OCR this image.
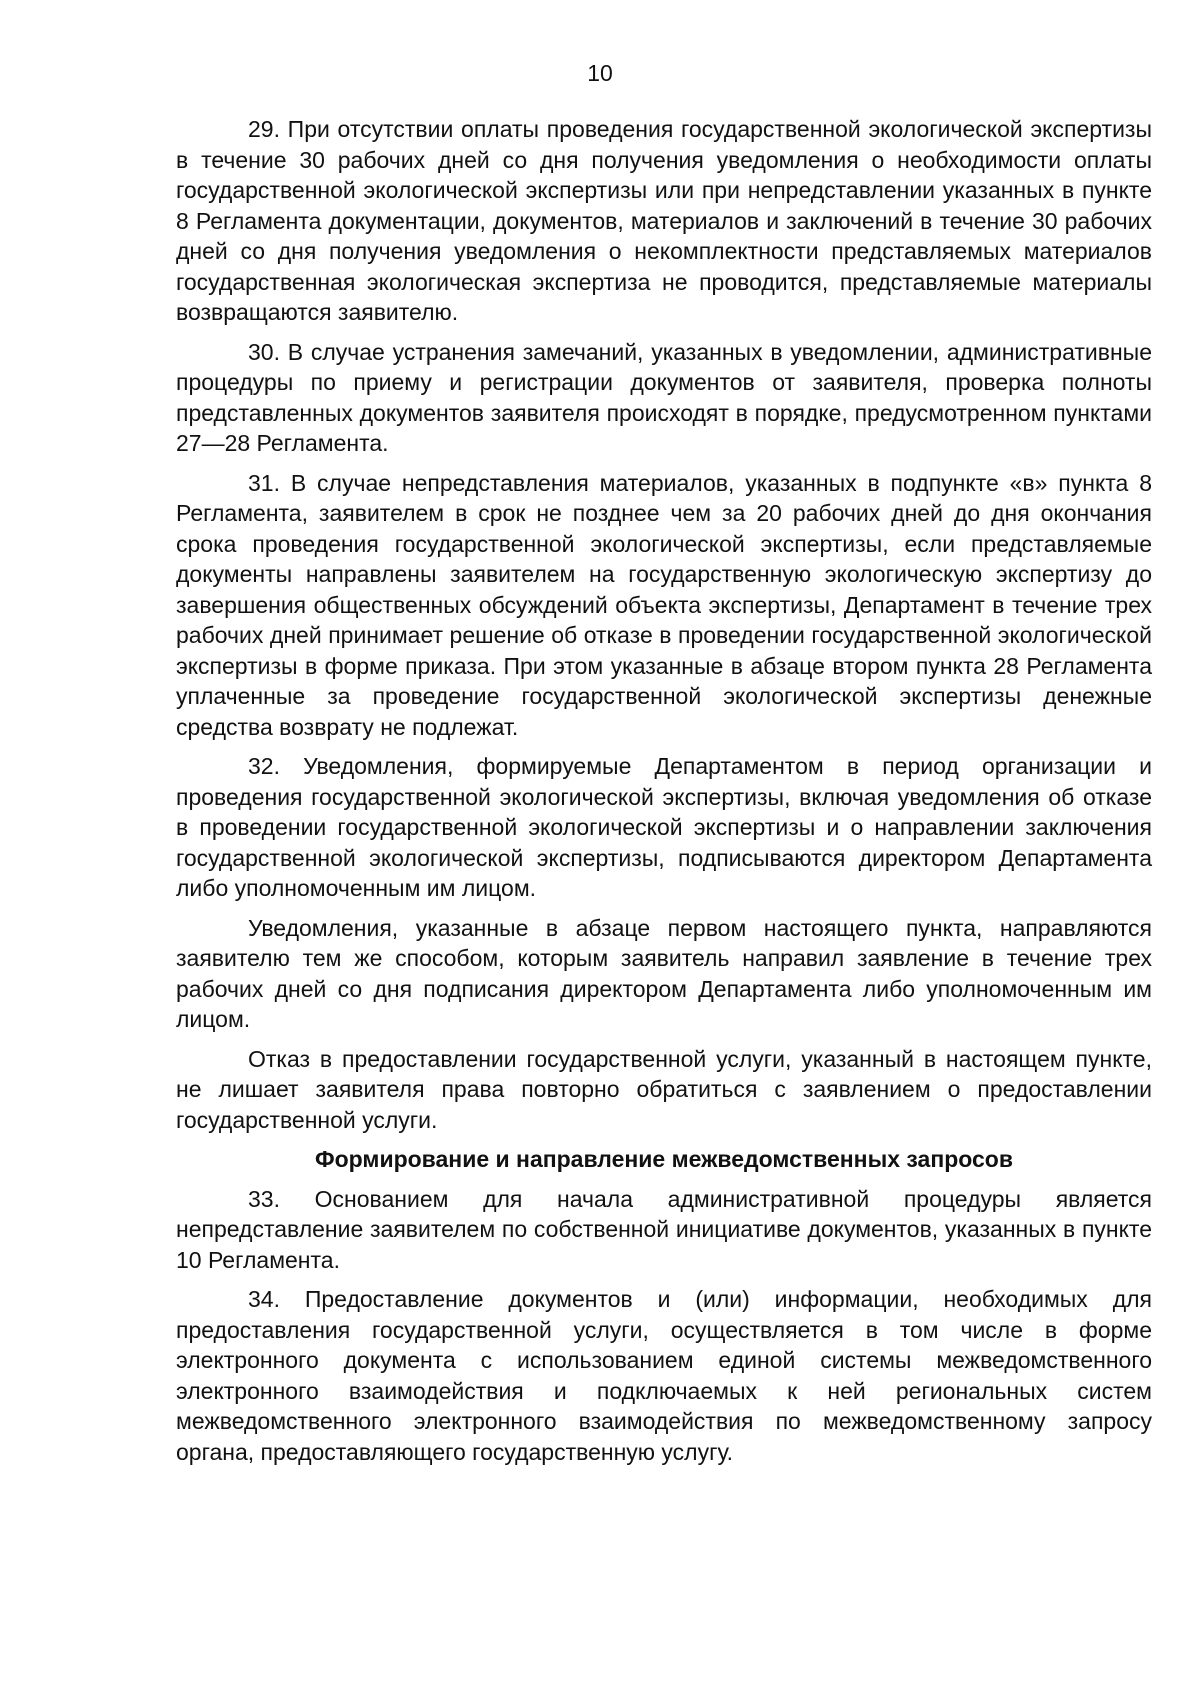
10

29. При отсутствии оплаты проведения государственной экологической экспертизы в течение 30 рабочих дней со дня получения уведомления о необходимости оплаты государственной экологической экспертизы или при непредставлении указанных в пункте 8 Регламента документации, документов, материалов и заключений в течение 30 рабочих дней со дня получения уведомления о некомплектности представляемых материалов государственная экологическая экспертиза не проводится, представляемые материалы возвращаются заявителю.

30. В случае устранения замечаний, указанных в уведомлении, административные процедуры по приему и регистрации документов от заявителя, проверка полноты представленных документов заявителя происходят в порядке, предусмотренном пунктами 27—28 Регламента.

31. В случае непредставления материалов, указанных в подпункте «в» пункта 8 Регламента, заявителем в срок не позднее чем за 20 рабочих дней до дня окончания срока проведения государственной экологической экспертизы, если представляемые документы направлены заявителем на государственную экологическую экспертизу до завершения общественных обсуждений объекта экспертизы, Департамент в течение трех рабочих дней принимает решение об отказе в проведении государственной экологической экспертизы в форме приказа. При этом указанные в абзаце втором пункта 28 Регламента уплаченные за проведение государственной экологической экспертизы денежные средства возврату не подлежат.

32. Уведомления, формируемые Департаментом в период организации и проведения государственной экологической экспертизы, включая уведомления об отказе в проведении государственной экологической экспертизы и о направлении заключения государственной экологической экспертизы, подписываются директором Департамента либо уполномоченным им лицом.

Уведомления, указанные в абзаце первом настоящего пункта, направляются заявителю тем же способом, которым заявитель направил заявление в течение трех рабочих дней со дня подписания директором Департамента либо уполномоченным им лицом.

Отказ в предоставлении государственной услуги, указанный в настоящем пункте, не лишает заявителя права повторно обратиться с заявлением о предоставлении государственной услуги.

Формирование и направление межведомственных запросов

33. Основанием для начала административной процедуры является непредставление заявителем по собственной инициативе документов, указанных в пункте 10 Регламента.

34. Предоставление документов и (или) информации, необходимых для предоставления государственной услуги, осуществляется в том числе в форме электронного документа с использованием единой системы межведомственного электронного взаимодействия и подключаемых к ней региональных систем межведомственного электронного взаимодействия по межведомственному запросу органа, предоставляющего государственную услугу.
